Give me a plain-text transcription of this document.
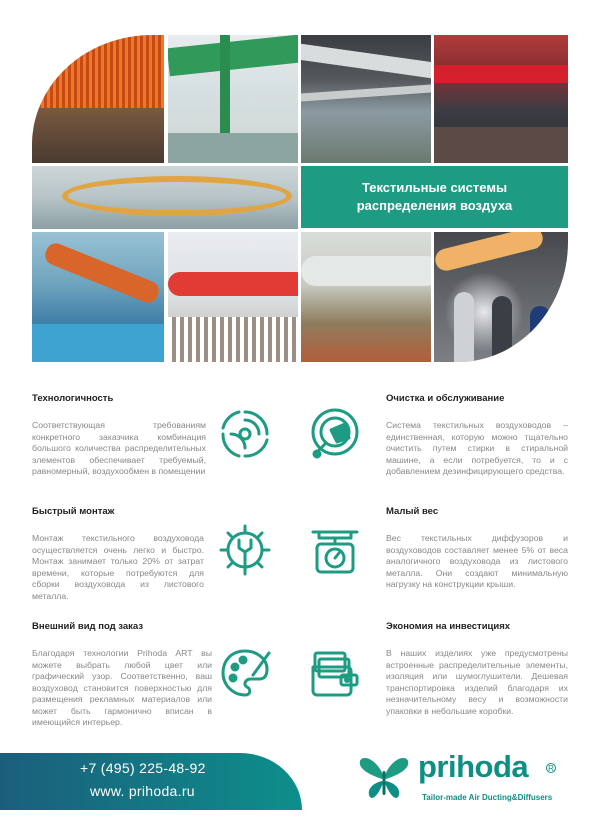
Текстильные системы распределения воздуха
Технологичность
Соответствующая требованиям конкретного заказчика комбинация большого количества распределительных элементов обеспечивает требуемый, равномерный, воздухообмен в помещении
Быстрый монтаж
Монтаж текстильного воздуховода осуществляется очень легко и быстро. Монтаж занимает только 20% от затрат времени, которые потребуются для сборки воздуховода из листового металла.
Внешний вид под заказ
Благодаря технологии Prihoda ART вы можете выбрать любой цвет или графический узор. Соответственно, ваш воздуховод становится поверхностью для размещения рекламных материалов или может быть гармонично вписан в имеющийся интерьер.
Очистка и обслуживание
Система текстильных воздуховодов – единственная, которую можно тщательно очистить путем стирки в стиральной машине, а если потребуется, то и с добавлением дезинфицирующего средства.
Малый вес
Вес текстильных диффузоров и воздуховодов составляет менее 5% от веса аналогичного воздуховода из листового металла. Они создают минимальную нагрузку на конструкции крыши.
Экономия на инвестициях
В наших изделиях уже предусмотрены встроенные распределительные элементы, изоляция или шумоглушители. Дешевая транспортировка изделий благодаря их незначительному весу и возможности упаковки в небольшие коробки.
+7 (495) 225-48-92
www. prihoda.ru
prihoda R
Tailor-made Air Ducting&Diffusers
